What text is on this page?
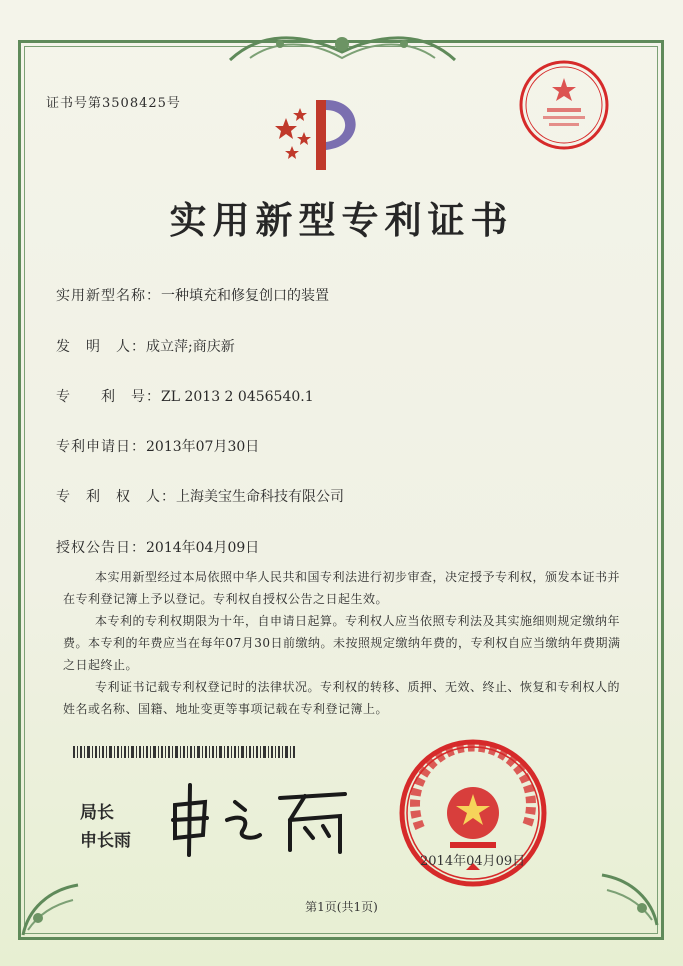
证书号第3508425号
实用新型专利证书
实用新型名称：一种填充和修复创口的装置
发　明　人：成立萍;商庆新
专　　利　号：ZL 2013 2 0456540.1
专利申请日：2013年07月30日
专　利　权　人：上海美宝生命科技有限公司
授权公告日：2014年04月09日

本实用新型经过本局依照中华人民共和国专利法进行初步审查，决定授予专利权，颁发本证书并在专利登记簿上予以登记。专利权自授权公告之日起生效。

本专利的专利权期限为十年，自申请日起算。专利权人应当依照专利法及其实施细则规定缴纳年费。本专利的年费应当在每年07月30日前缴纳。未按照规定缴纳年费的，专利权自应当缴纳年费期满之日起终止。

专利证书记载专利权登记时的法律状况。专利权的转移、质押、无效、终止、恢复和专利权人的姓名或名称、国籍、地址变更等事项记载在专利登记簿上。

局长
申长雨
2014年04月09日
第1页(共1页)
